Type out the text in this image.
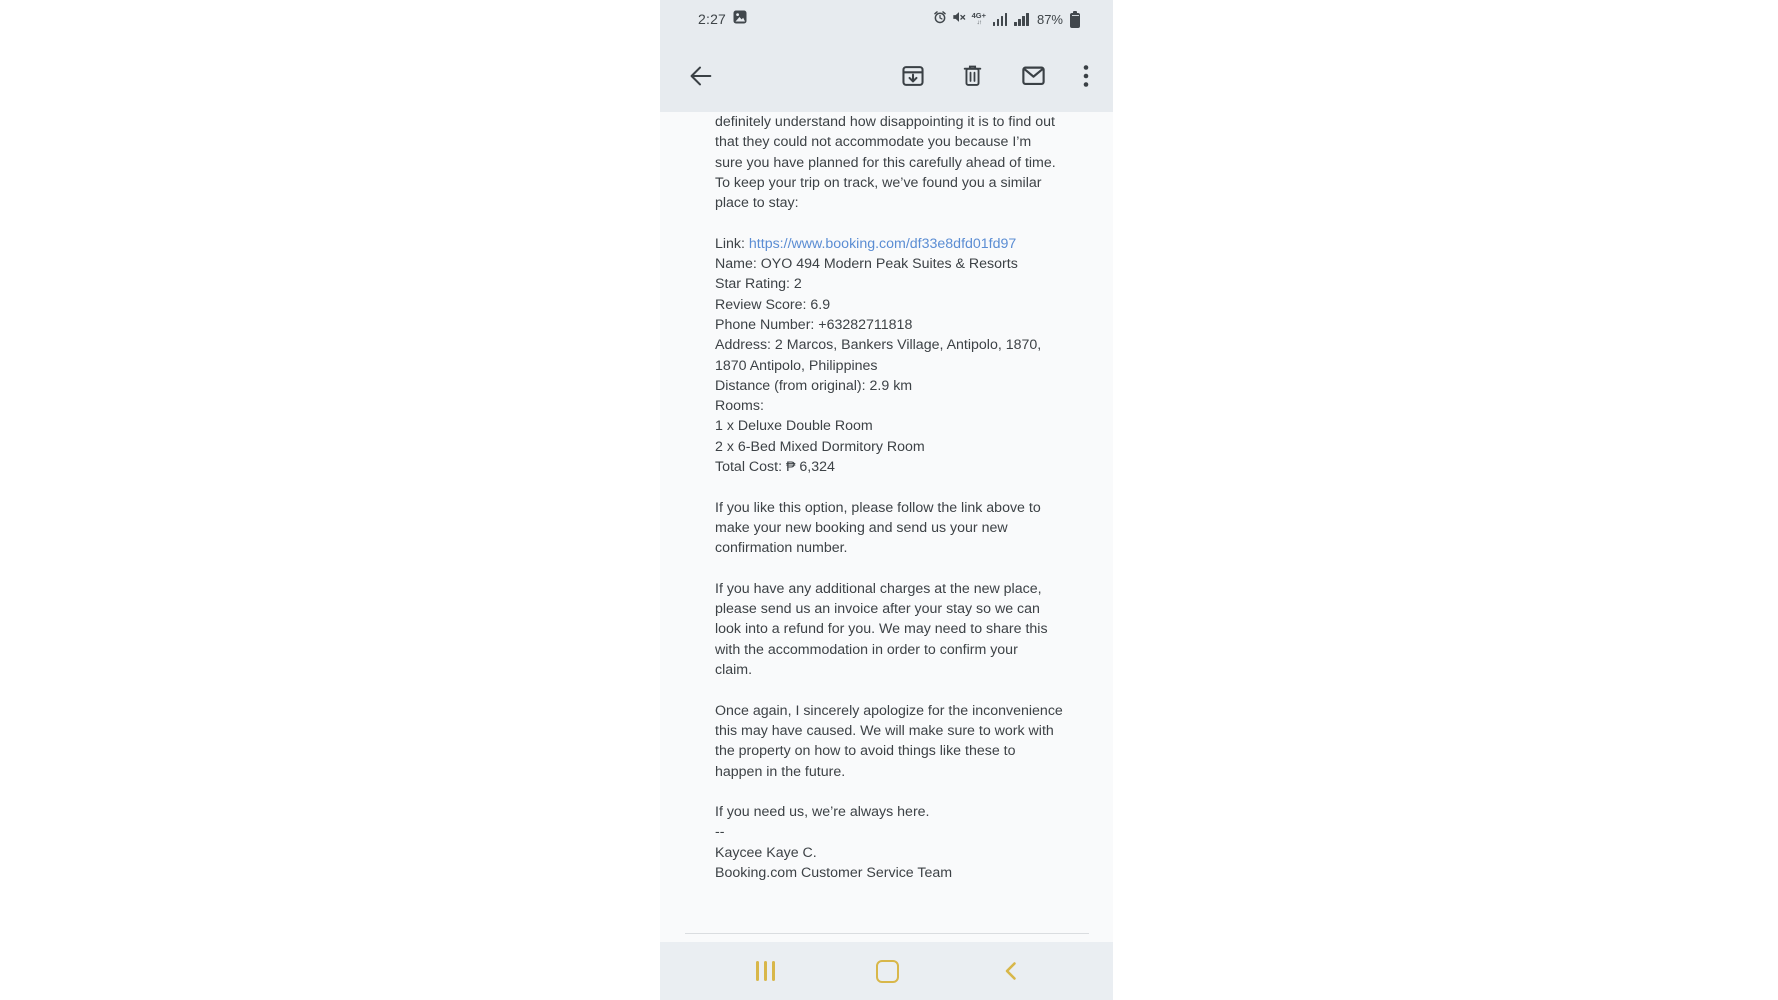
2:27	4G+
↓↑	87%
definitely understand how disappointing it is to find out
that they could not accommodate you because I’m
sure you have planned for this carefully ahead of time.
To keep your trip on track, we’ve found you a similar
place to stay:
Link: https://www.booking.com/df33e8dfd01fd97
Name: OYO 494 Modern Peak Suites & Resorts
Star Rating: 2
Review Score: 6.9
Phone Number: +63282711818
Address: 2 Marcos, Bankers Village, Antipolo, 1870,
1870 Antipolo, Philippines
Distance (from original): 2.9 km
Rooms:
1 x Deluxe Double Room
2 x 6-Bed Mixed Dormitory Room
Total Cost: ₱ 6,324
If you like this option, please follow the link above to
make your new booking and send us your new
confirmation number.
If you have any additional charges at the new place,
please send us an invoice after your stay so we can
look into a refund for you. We may need to share this
with the accommodation in order to confirm your
claim.
Once again, I sincerely apologize for the inconvenience
this may have caused. We will make sure to work with
the property on how to avoid things like these to
happen in the future.
If you need us, we’re always here.
--
Kaycee Kaye C.
Booking.com Customer Service Team
